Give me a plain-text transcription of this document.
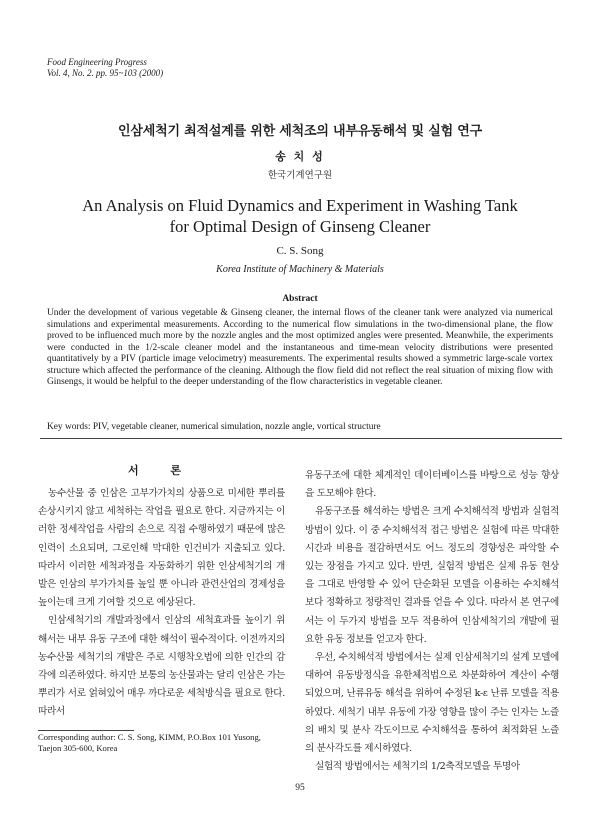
Food Engineering Progress
Vol. 4, No. 2. pp. 95~103 (2000)
인삼세척기 최적설계를 위한 세척조의 내부유동해석 및 실험 연구
송 치 성
한국기계연구원
An Analysis on Fluid Dynamics and Experiment in Washing Tank
for Optimal Design of Ginseng Cleaner
C. S. Song
Korea Institute of Machinery & Materials
Abstract

Under the development of various vegetable & Ginseng cleaner, the internal flows of the cleaner tank were analyzed via numerical simulations and experimental measurements. According to the numerical flow simulations in the two-dimensional plane, the flow proved to be influenced much more by the nozzle angles and the most optimized angles were presented. Meanwhile, the experiments were conducted in the 1/2-scale cleaner model and the instantaneous and time-mean velocity distributions were presented quantitatively by a PIV (particle image velocimetry) measurements. The experimental results showed a symmetric large-scale vortex structure which affected the performance of the cleaning. Although the flow field did not reflect the real situation of mixing flow with Ginsengs, it would be helpful to the deeper understanding of the flow characteristics in vegetable cleaner.

Key words: PIV, vegetable cleaner, numerical simulation, nozzle angle, vortical structure
서 론

농수산물 중 인삼은 고부가가치의 상품으로 미세한 뿌리를 손상시키지 않고 세척하는 작업을 필요로 한다. 지금까지는 이러한 정세작업을 사람의 손으로 직접 수행하였기 때문에 많은 인력이 소요되며, 그로인해 막대한 인건비가 지출되고 있다. 따라서 이러한 세척과정을 자동화하기 위한 인삼세척기의 개발은 인삼의 부가가치를 높일 뿐 아니라 관련산업의 경제성을 높이는데 크게 기여할 것으로 예상된다.

인삼세척기의 개발과정에서 인삼의 세척효과를 높이기 위해서는 내부 유동 구조에 대한 해석이 필수적이다. 이전까지의 농수산물 세척기의 개발은 주로 시행착오법에 의한 인간의 감각에 의존하였다. 하지만 보통의 농산물과는 달리 인삼은 가는 뿌리가 서로 얽혀있어 매우 까다로운 세척방식을 필요로 한다. 따라서

유동구조에 대한 체계적인 데이터베이스를 바탕으로 성능 향상을 도모해야 한다.

유동구조를 해석하는 방법은 크게 수치해석적 방법과 실험적 방법이 있다. 이 중 수치해석적 접근 방법은 실험에 따른 막대한 시간과 비용을 절감하면서도 어느 정도의 경향성은 파악할 수 있는 장점을 가지고 있다. 반면, 실험적 방법은 실제 유동 현상을 그대로 반영할 수 있어 단순화된 모델을 이용하는 수치해석보다 정확하고 정량적인 결과를 얻을 수 있다. 따라서 본 연구에서는 이 두가지 방법을 모두 적용하여 인삼세척기의 개발에 필요한 유동 정보를 얻고자 한다.

우선, 수치해석적 방법에서는 실제 인삼세척기의 설계 모델에 대하여 유동방정식을 유한체적법으로 차분화하여 계산이 수행되었으며, 난류유동 해석을 위하여 수정된 k-ε 난류 모델을 적용하였다. 세척기 내부 유동에 가장 영향을 많이 주는 인자는 노즐의 배치 및 분사 각도이므로 수치해석을 통하여 최적화된 노즐의 분사각도를 제시하였다.

실험적 방법에서는 세척기의 1/2축적모델을 투명아

Corresponding author: C. S. Song, KIMM, P.O.Box 101 Yusong, Taejon 305-600, Korea
95
